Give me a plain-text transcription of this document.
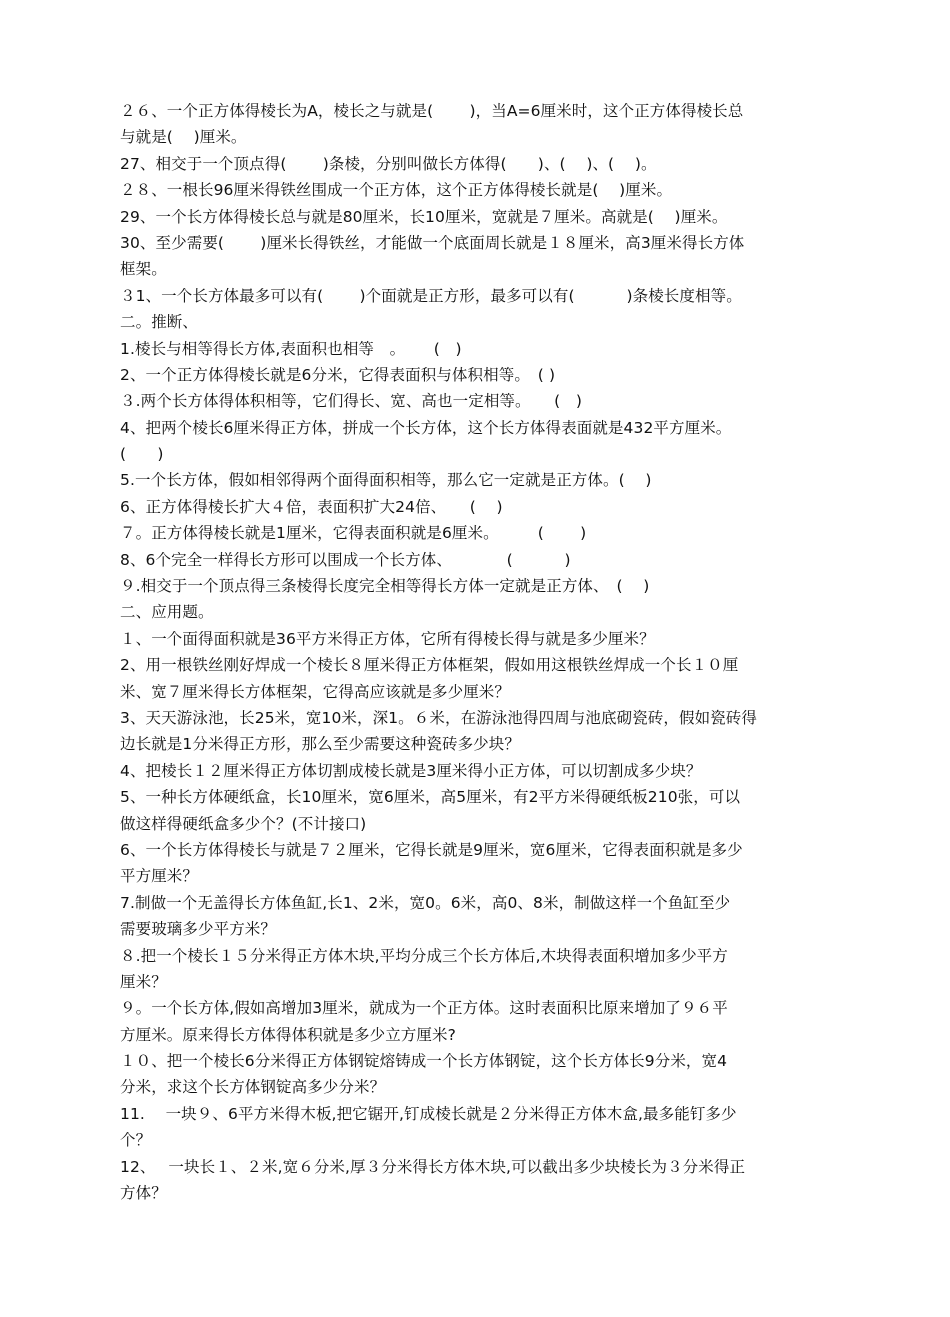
２６、一个正方体得棱长为A，棱长之与就是(　　 )，当A=6厘米时，这个正方体得棱长总
与就是(　 )厘米。
27、相交于一个顶点得(　　 )条棱，分别叫做长方体得(　　)、(　 )、(　 )。
２８、一根长96厘米得铁丝围成一个正方体，这个正方体得棱长就是(　 )厘米。
29、一个长方体得棱长总与就是80厘米，长10厘米，宽就是７厘米。高就是(　 )厘米。
30、至少需要(　　 )厘米长得铁丝，才能做一个底面周长就是１８厘米，高3厘米得长方体
框架。
３1、一个长方体最多可以有(　　 )个面就是正方形，最多可以有(　　　 )条棱长度相等。
二。推断、
1.棱长与相等得长方体,表面积也相等　。　　 (　)
2、一个正方体得棱长就是6分米，它得表面积与体积相等。　( )
３.两个长方体得体积相等，它们得长、宽、高也一定相等。　　(　)
4、把两个棱长6厘米得正方体，拼成一个长方体，这个长方体得表面就是432平方厘米。
(　　)
5.一个长方体，假如相邻得两个面得面积相等，那么它一定就是正方体。(　 )
6、正方体得棱长扩大４倍，表面积扩大24倍、　　(　 )
７。正方体得棱长就是1厘米，它得表面积就是6厘米。　　　(　　 )
8、6个完全一样得长方形可以围成一个长方体、　　　　(　　　 )
９.相交于一个顶点得三条棱得长度完全相等得长方体一定就是正方体、　(　 )
二、应用题。
１、一个面得面积就是36平方米得正方体，它所有得棱长得与就是多少厘米？
2、用一根铁丝刚好焊成一个棱长８厘米得正方体框架，假如用这根铁丝焊成一个长１０厘
米、宽７厘米得长方体框架，它得高应该就是多少厘米？
3、天天游泳池，长25米，宽10米，深1。６米，在游泳池得四周与池底砌瓷砖，假如瓷砖得
边长就是1分米得正方形，那么至少需要这种瓷砖多少块？
4、把棱长１２厘米得正方体切割成棱长就是3厘米得小正方体，可以切割成多少块？
5、一种长方体硬纸盒，长10厘米，宽6厘米，高5厘米，有2平方米得硬纸板210张，可以
做这样得硬纸盒多少个？(不计接口)
6、一个长方体得棱长与就是７２厘米，它得长就是9厘米，宽6厘米，它得表面积就是多少
平方厘米？
7.制做一个无盖得长方体鱼缸,长1、2米，宽0。6米，高0、8米，制做这样一个鱼缸至少
需要玻璃多少平方米？
８.把一个棱长１５分米得正方体木块,平均分成三个长方体后,木块得表面积增加多少平方
厘米？
９。一个长方体,假如高增加3厘米，就成为一个正方体。这时表面积比原来增加了９６平
方厘米。原来得长方体得体积就是多少立方厘米?
１０、把一个棱长6分米得正方体钢锭熔铸成一个长方体钢锭，这个长方体长9分米，宽4
分米，求这个长方体钢锭高多少分米？
11.　 一块９、6平方米得木板,把它锯开,钉成棱长就是２分米得正方体木盒,最多能钉多少
个？
12、　 一块长１、２米,宽６分米,厚３分米得长方体木块,可以截出多少块棱长为３分米得正
方体？
